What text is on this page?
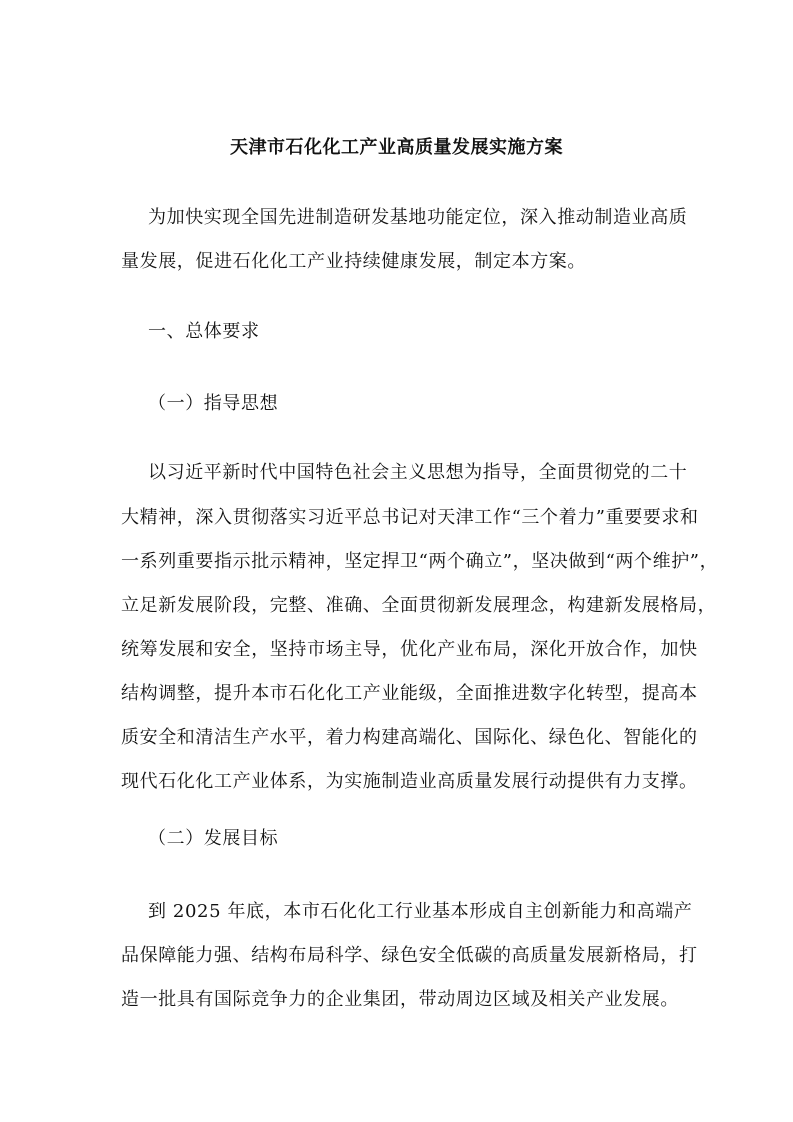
天津市石化化工产业高质量发展实施方案
为加快实现全国先进制造研发基地功能定位，深入推动制造业高质
量发展，促进石化化工产业持续健康发展，制定本方案。
一、总体要求
（一）指导思想
以习近平新时代中国特色社会主义思想为指导，全面贯彻党的二十
大精神，深入贯彻落实习近平总书记对天津工作“三个着力”重要要求和
一系列重要指示批示精神，坚定捍卫“两个确立”，坚决做到“两个维护”，
立足新发展阶段，完整、准确、全面贯彻新发展理念，构建新发展格局，
统筹发展和安全，坚持市场主导，优化产业布局，深化开放合作，加快
结构调整，提升本市石化化工产业能级，全面推进数字化转型，提高本
质安全和清洁生产水平，着力构建高端化、国际化、绿色化、智能化的
现代石化化工产业体系，为实施制造业高质量发展行动提供有力支撑。
（二）发展目标
到 2025 年底，本市石化化工行业基本形成自主创新能力和高端产
品保障能力强、结构布局科学、绿色安全低碳的高质量发展新格局，打
造一批具有国际竞争力的企业集团，带动周边区域及相关产业发展。
